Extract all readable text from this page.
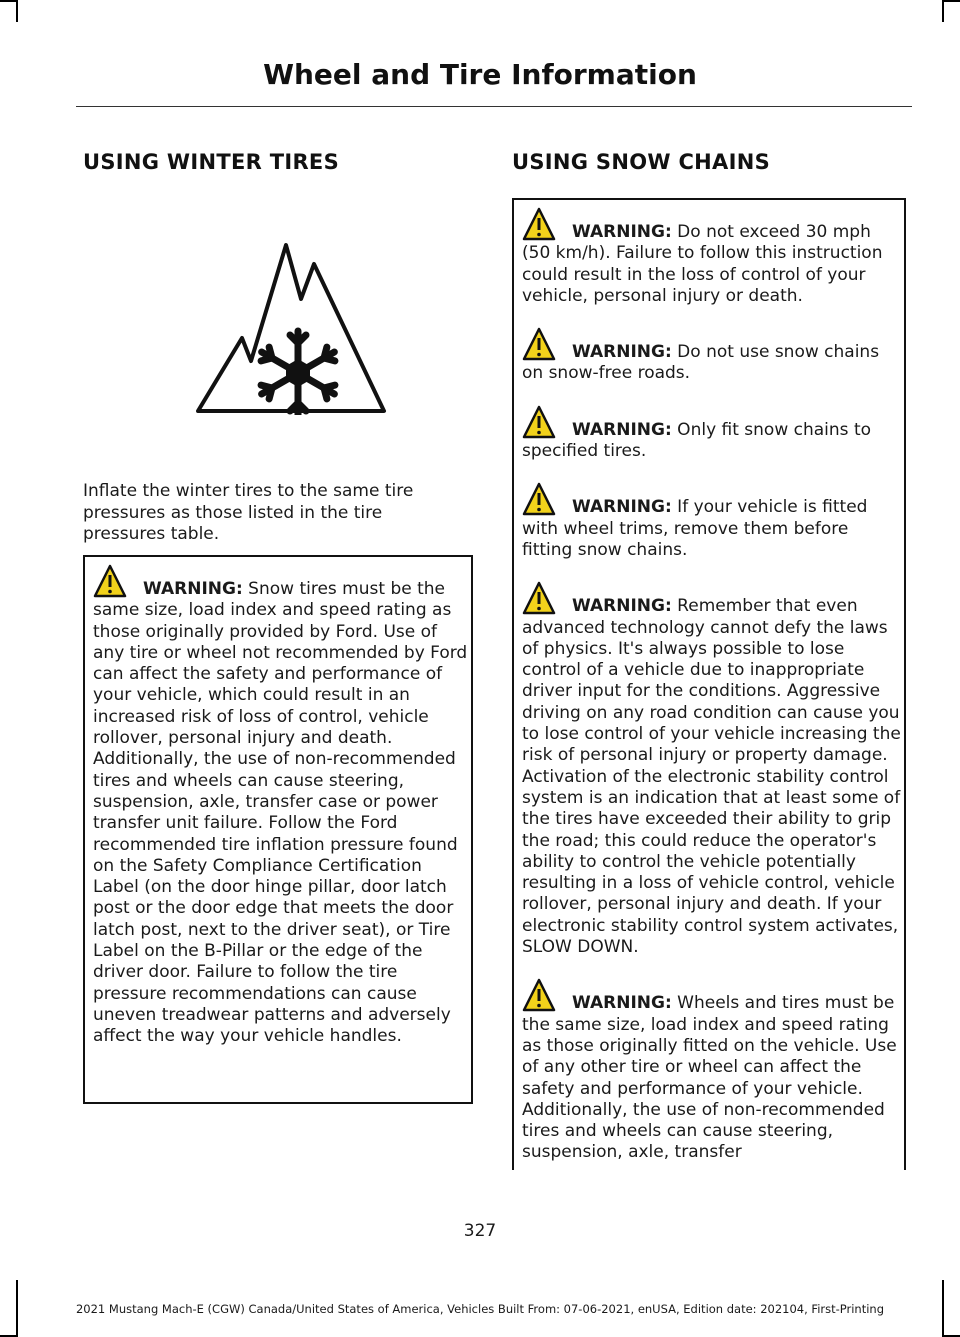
Wheel and Tire Information
USING WINTER TIRES
Inflate the winter tires to the same tire pressures as those listed in the tire pressures table.

WARNING: Snow tires must be the same size, load index and speed rating as those originally provided by Ford. Use of any tire or wheel not recommended by Ford can affect the safety and performance of your vehicle, which could result in an increased risk of loss of control, vehicle rollover, personal injury and death. Additionally, the use of non-recommended tires and wheels can cause steering, suspension, axle, transfer case or power transfer unit failure. Follow the Ford recommended tire inflation pressure found on the Safety Compliance Certification Label (on the door hinge pillar, door latch post or the door edge that meets the door latch post, next to the driver seat), or Tire Label on the B-Pillar or the edge of the driver door. Failure to follow the tire pressure recommendations can cause uneven treadwear patterns and adversely affect the way your vehicle handles.

USING SNOW CHAINS

WARNING: Do not exceed 30 mph (50 km/h). Failure to follow this instruction could result in the loss of control of your vehicle, personal injury or death.

WARNING: Do not use snow chains on snow-free roads.

WARNING: Only fit snow chains to specified tires.

WARNING: If your vehicle is fitted with wheel trims, remove them before fitting snow chains.

WARNING: Remember that even advanced technology cannot defy the laws of physics. It's always possible to lose control of a vehicle due to inappropriate driver input for the conditions. Aggressive driving on any road condition can cause you to lose control of your vehicle increasing the risk of personal injury or property damage. Activation of the electronic stability control system is an indication that at least some of the tires have exceeded their ability to grip the road; this could reduce the operator's ability to control the vehicle potentially resulting in a loss of vehicle control, vehicle rollover, personal injury and death. If your electronic stability control system activates, SLOW DOWN.

WARNING: Wheels and tires must be the same size, load index and speed rating as those originally fitted on the vehicle. Use of any other tire or wheel can affect the safety and performance of your vehicle. Additionally, the use of non-recommended tires and wheels can cause steering, suspension, axle, transfer

327
2021 Mustang Mach-E (CGW) Canada/United States of America, Vehicles Built From: 07-06-2021, enUSA, Edition date: 202104, First-Printing
